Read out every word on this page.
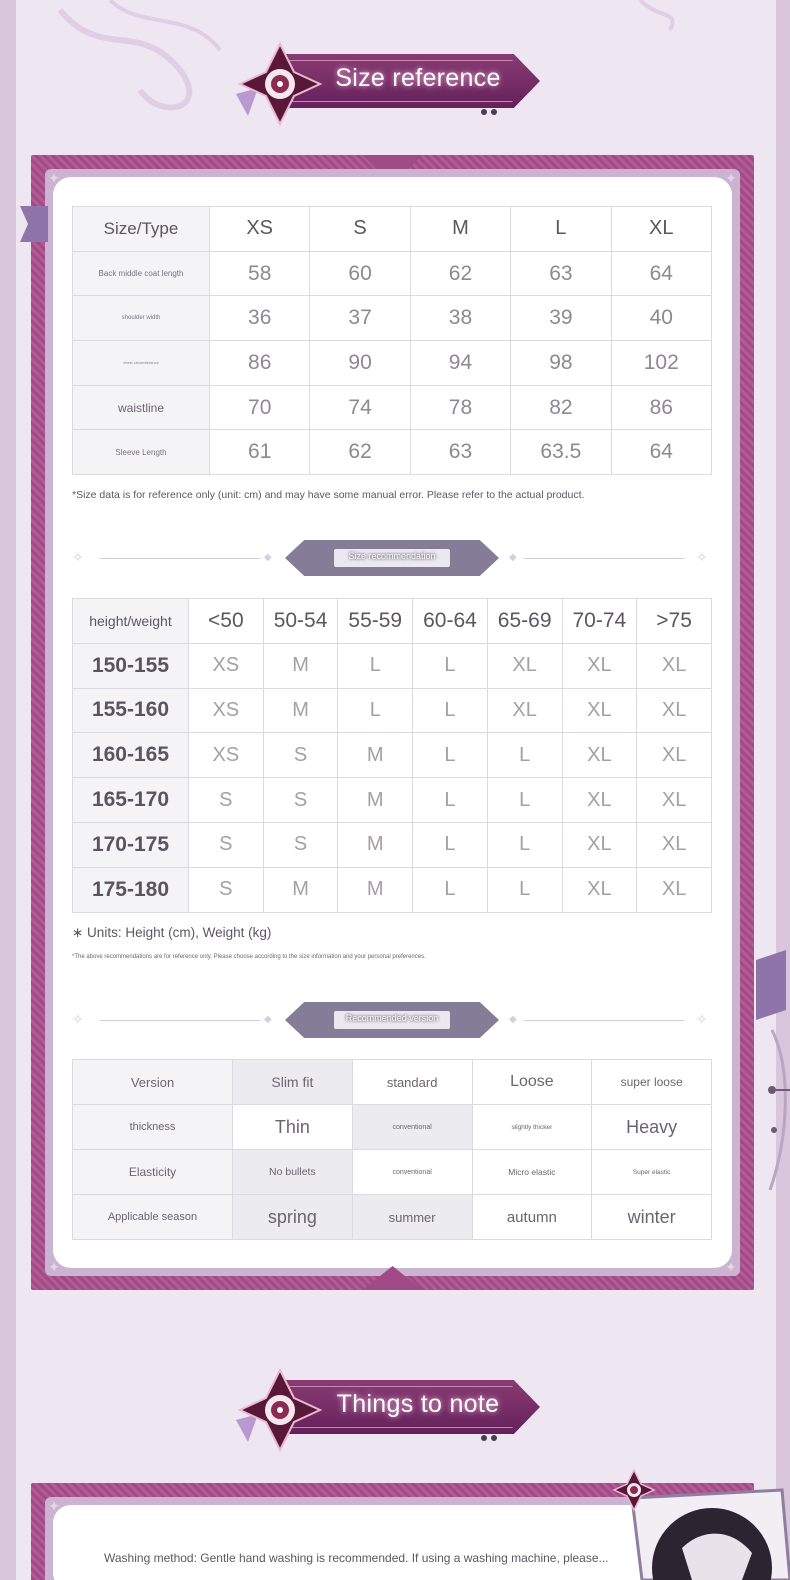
Size reference
✦	✦
✦	✦
Size/Type	XS	S	M	L	XL
Back middle coat length	58	60	62	63	64
shoulder width	36	37	38	39	40
chest circumference	86	90	94	98	102
waistline	70	74	78	82	86
Sleeve Length	61	62	63	63.5	64
*Size data is for reference only (unit: cm) and may have some manual error. Please refer to the actual product.
✧	◆	Size recommendation	◆	✧
height/weight	<50	50-54	55-59	60-64	65-69	70-74	>75
150-155	XS	M	L	L	XL	XL	XL
155-160	XS	M	L	L	XL	XL	XL
160-165	XS	S	M	L	L	XL	XL
165-170	S	S	M	L	L	XL	XL
170-175	S	S	M	L	L	XL	XL
175-180	S	M	M	L	L	XL	XL
∗ Units: Height (cm), Weight (kg)
*The above recommendations are for reference only. Please choose according to the size information and your personal preferences.
✧	◆	Recommended version	◆	✧
Version	Slim fit	standard	Loose	super loose
thickness	Thin	conventional	slightly thicker	Heavy
Elasticity	No bullets	conventional	Micro elastic	Super elastic
Applicable season	spring	summer	autumn	winter
Things to note
✦
Washing method: Gentle hand washing is recommended. If using a washing machine, please...
